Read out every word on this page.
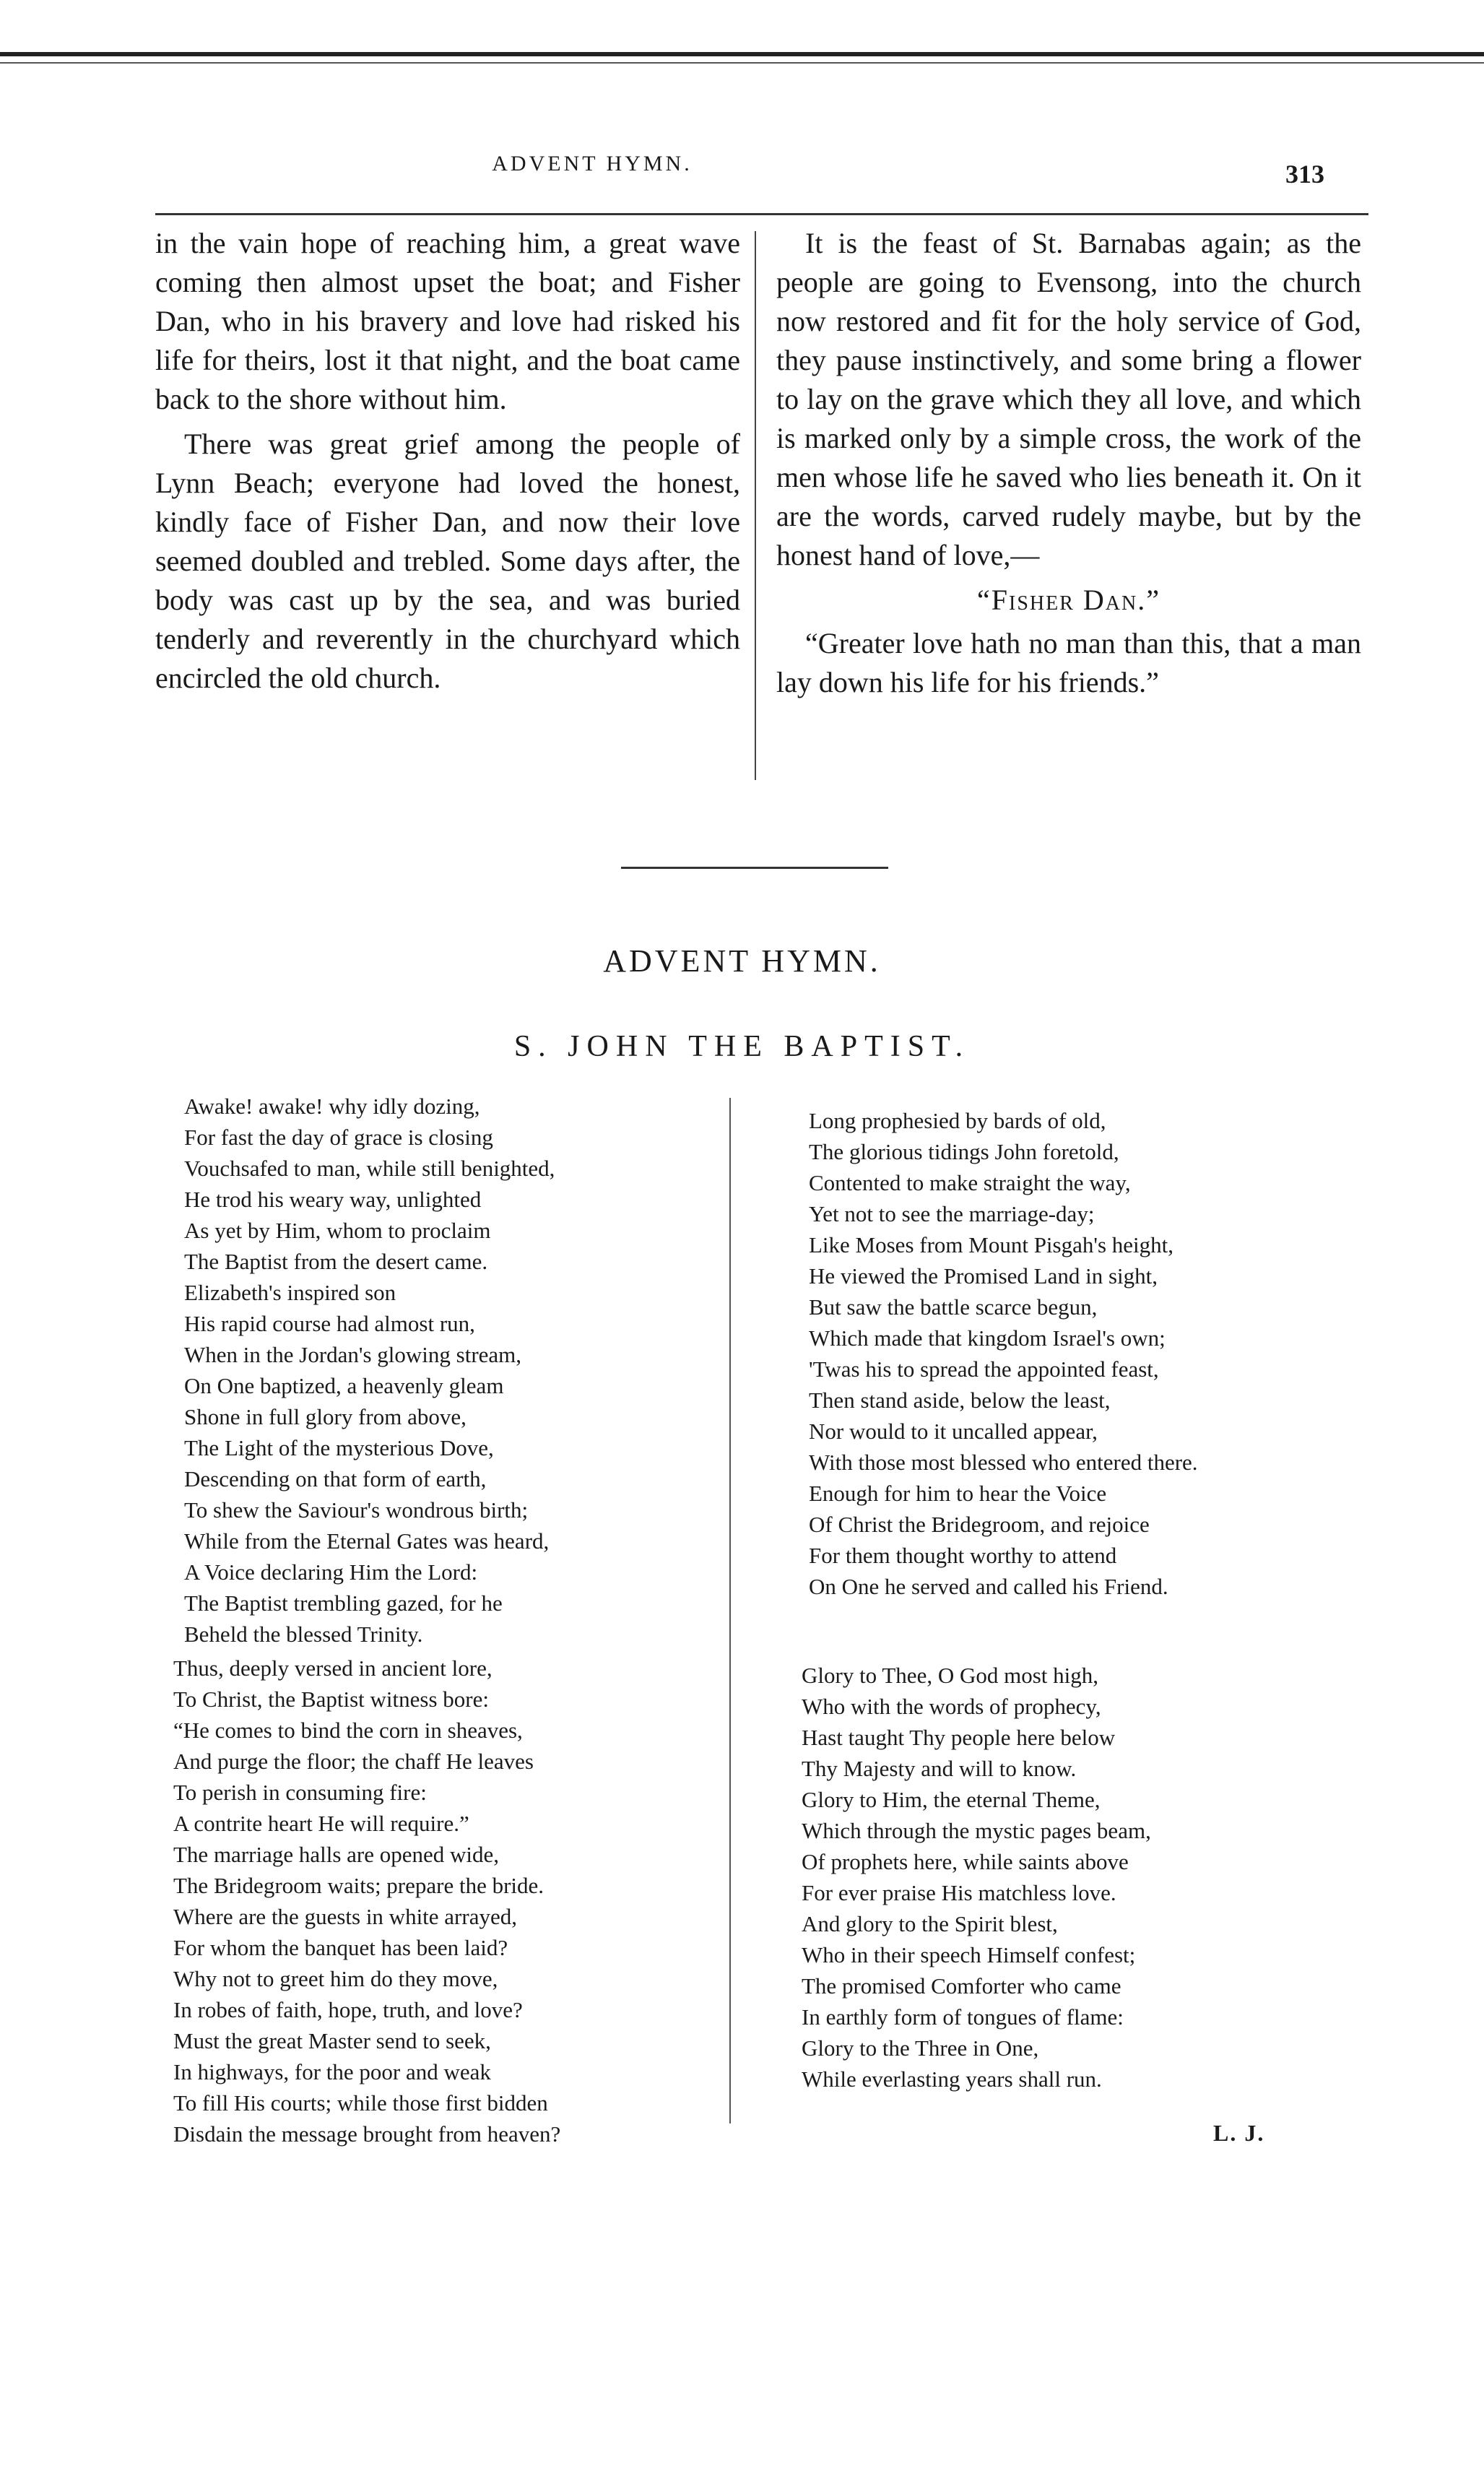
ADVENT HYMN.	313

in the vain hope of reaching him, a great wave coming then almost upset the boat; and Fisher Dan, who in his bravery and love had risked his life for theirs, lost it that night, and the boat came back to the shore without him.

There was great grief among the people of Lynn Beach; everyone had loved the honest, kindly face of Fisher Dan, and now their love seemed doubled and trebled. Some days after, the body was cast up by the sea, and was buried tenderly and reverently in the churchyard which encircled the old church.

It is the feast of St. Barnabas again; as the people are going to Evensong, into the church now restored and fit for the holy service of God, they pause instinctively, and some bring a flower to lay on the grave which they all love, and which is marked only by a simple cross, the work of the men whose life he saved who lies beneath it. On it are the words, carved rudely maybe, but by the honest hand of love,—

“Fisher Dan.”

“Greater love hath no man than this, that a man lay down his life for his friends.”

ADVENT HYMN.
S. JOHN THE BAPTIST.
Awake! awake! why idly dozing,
For fast the day of grace is closing
Vouchsafed to man, while still benighted,
He trod his weary way, unlighted
As yet by Him, whom to proclaim
The Baptist from the desert came.
Elizabeth's inspired son
His rapid course had almost run,
When in the Jordan's glowing stream,
On One baptized, a heavenly gleam
Shone in full glory from above,
The Light of the mysterious Dove,
Descending on that form of earth,
To shew the Saviour's wondrous birth;
While from the Eternal Gates was heard,
A Voice declaring Him the Lord:
The Baptist trembling gazed, for he
Beheld the blessed Trinity.
Thus, deeply versed in ancient lore,
To Christ, the Baptist witness bore:
“He comes to bind the corn in sheaves,
And purge the floor; the chaff He leaves
To perish in consuming fire:
A contrite heart He will require.”
The marriage halls are opened wide,
The Bridegroom waits; prepare the bride.
Where are the guests in white arrayed,
For whom the banquet has been laid?
Why not to greet him do they move,
In robes of faith, hope, truth, and love?
Must the great Master send to seek,
In highways, for the poor and weak
To fill His courts; while those first bidden
Disdain the message brought from heaven?
Long prophesied by bards of old,
The glorious tidings John foretold,
Contented to make straight the way,
Yet not to see the marriage-day;
Like Moses from Mount Pisgah's height,
He viewed the Promised Land in sight,
But saw the battle scarce begun,
Which made that kingdom Israel's own;
'Twas his to spread the appointed feast,
Then stand aside, below the least,
Nor would to it uncalled appear,
With those most blessed who entered there.
Enough for him to hear the Voice
Of Christ the Bridegroom, and rejoice
For them thought worthy to attend
On One he served and called his Friend.
Glory to Thee, O God most high,
Who with the words of prophecy,
Hast taught Thy people here below
Thy Majesty and will to know.
Glory to Him, the eternal Theme,
Which through the mystic pages beam,
Of prophets here, while saints above
For ever praise His matchless love.
And glory to the Spirit blest,
Who in their speech Himself confest;
The promised Comforter who came
In earthly form of tongues of flame:
Glory to the Three in One,
While everlasting years shall run.
L. J.
